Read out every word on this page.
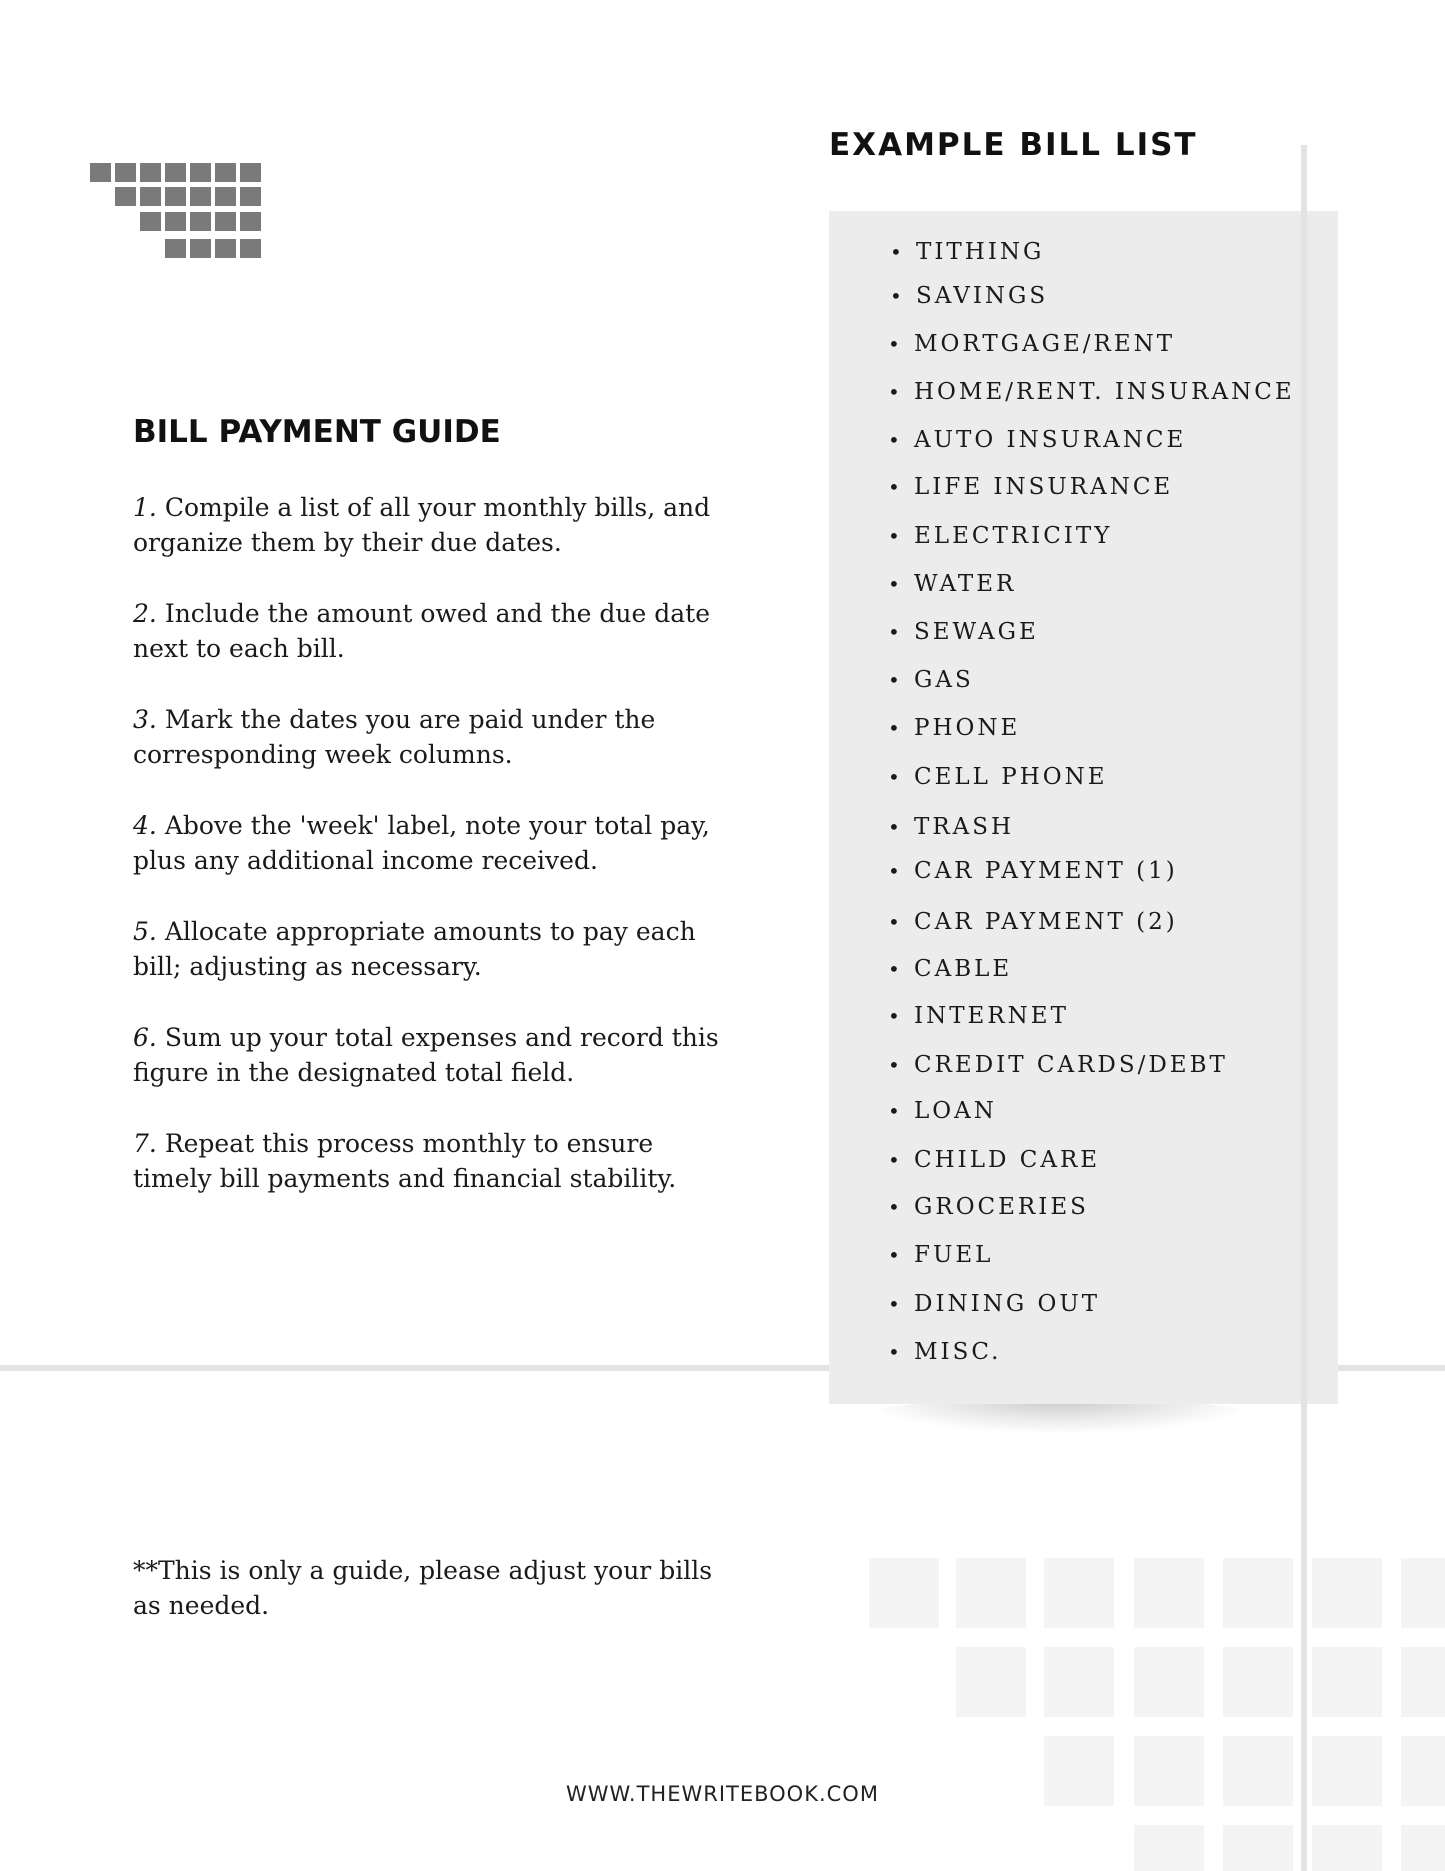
EXAMPLE BILL LIST
BILL PAYMENT GUIDE
1. Compile a list of all your monthly bills, and organize them by their due dates.
2. Include the amount owed and the due date next to each bill.
3. Mark the dates you are paid under the corresponding week columns.
4. Above the 'week' label, note your total pay, plus any additional income received.
5. Allocate appropriate amounts to pay each bill; adjusting as necessary.
6. Sum up your total expenses and record this figure in the designated total field.
7. Repeat this process monthly to ensure timely bill payments and financial stability.
• TITHING
• SAVINGS
• MORTGAGE/RENT
• HOME/RENT. INSURANCE
• AUTO INSURANCE
• LIFE INSURANCE
• ELECTRICITY
• WATER
• SEWAGE
• GAS
• PHONE
• CELL PHONE
• TRASH
• CAR PAYMENT (1)
• CAR PAYMENT (2)
• CABLE
• INTERNET
• CREDIT CARDS/DEBT
• LOAN
• CHILD CARE
• GROCERIES
• FUEL
• DINING OUT
• MISC.

**This is only a guide, please adjust your bills as needed.

WWW.THEWRITEBOOK.COM
